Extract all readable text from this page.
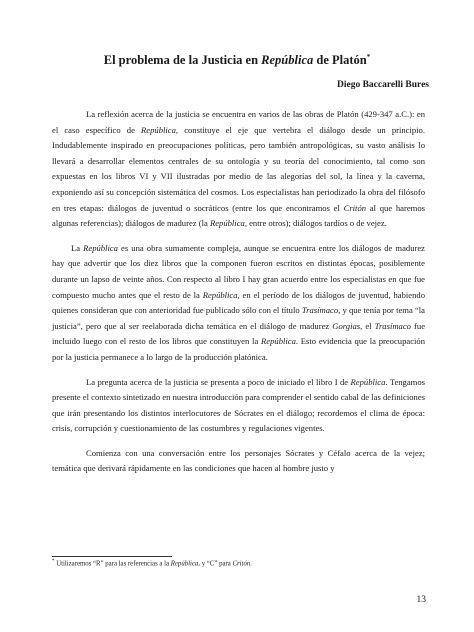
El problema de la Justicia en República de Platón*

Diego Baccarelli Bures

La reflexión acerca de la justicia se encuentra en varios de las obras de Platón (429-347 a.C.): en el caso específico de República, constituye el eje que vertebra el diálogo desde un principio. Indudablemente inspirado en preocupaciones políticas, pero también antropológicas, su vasto análisis lo llevará a desarrollar elementos centrales de su ontología y su teoría del conocimiento, tal como son expuestas en los libros VI y VII ilustradas por medio de las alegorías del sol, la línea y la caverna, exponiendo así su concepción sistemática del cosmos. Los especialistas han periodizado la obra del filósofo en tres etapas: diálogos de juventud o socráticos (entre los que encontramos el Critón al que haremos algunas referencias); diálogos de madurez (la República, entre otros); diálogos tardíos o de vejez.

La República es una obra sumamente compleja, aunque se encuentra entre los diálogos de madurez hay que advertir que los diez libros que la componen fueron escritos en distintas épocas, posiblemente durante un lapso de veinte años. Con respecto al libro I hay gran acuerdo entre los especialistas en que fue compuesto mucho antes que el resto de la República, en el período de los diálogos de juventud, habiendo quienes consideran que con anterioridad fue publicado sólo con el título Trasímaco, y que tenía por tema “la justicia”, pero que al ser reelaborada dicha temática en el diálogo de madurez Gorgias, el Trasímaco fue incluido luego con el resto de los libros que constituyen la República. Esto evidencia que la preocupación por la justicia permanece a lo largo de la producción platónica.

La pregunta acerca de la justicia se presenta a poco de iniciado el libro I de República. Tengamos presente el contexto sintetizado en nuestra introducción para comprender el sentido cabal de las definiciones que irán presentando los distintos interlocutores de Sócrates en el diálogo; recordemos el clima de época: crisis, corrupción y cuestionamiento de las costumbres y regulaciones vigentes.

Comienza con una conversación entre los personajes Sócrates y Céfalo acerca de la vejez; temática que derivará rápidamente en las condiciones que hacen al hombre justo y

* Utilizaremos “R” para las referencias a la República, y “C” para Critón.

13
